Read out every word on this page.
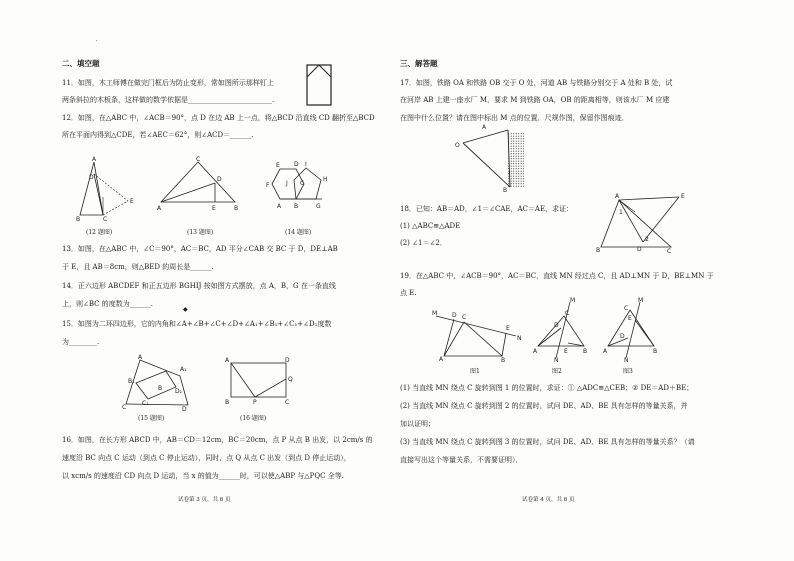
′
二、填空题
11．如图，木工师傅在做完门框后为防止变形，常如图所示那样钉上
两条斜拉的木板条，这样做的数学依据是________________________.
12．如图，在△ABC 中，∠ACB＝90°，点 D 在边 AB 上一点，将△BCD 沿直线 CD 翻折至△BCD
所在平面内得到△CDE，若∠AEC＝62°，则∠ACD＝______.
A
D
B	C
E
(12 题图)
C
A	B
D
E
(13 题图)
F
E D
A B	G
I
J C
H
(14 题图)
13．如图，在△ABC 中，∠C＝90°，AC＝BC，AD 平分∠CAB 交 BC 于 D，DE⊥AB
于 E，且 AB＝8cm，则△BED 的周长是______.
14．正六边形 ABCDEF 和正五边形 BGHIJ 按如图方式摆放，点 A，B，G 在一条直线
上，则∠BC 的度数为______.
15．如图为二环四边形，它的内角和∠A+∠B+∠C+∠D+∠A₁+∠B₁+∠C₁+∠D₁度数
为________.
◆
A
A₁
B₁
C	D
C₁
D₁
B
(15 题图)
A	D
B	P	C
Q
(16 题图)
16．如图，在长方形 ABCD 中，AB＝CD＝12cm，BC＝20cm，点 P 从点 B 出发，以 2cm/s 的
速度沿 BC 向点 C 运动（到点 C 停止运动），同时，点 Q 从点 C 出发（到点 D 停止运动），
以 xcm/s 的速度沿 CD 向点 D 运动，当 x 的值为______时，可以使△ABP 与△PQC 全等.
试卷第 3 页，共 6 页
三、解答题
17．如图，铁路 OA 和铁路 OB 交于 O 处，河道 AB 与铁路分别交于 A 处和 B 处，试
在河岸 AB 上建一座水厂 M，要求 M 到铁路 OA，OB 的距离相等，则该水厂 M 应建
在图中什么位置？请在图中标出 M 点的位置．尺规作图，保留作图痕迹．
O
A
B
18．已知：AB＝AD，∠1＝∠CAE，AC＝AE，求证：
(1) △ABC≌△ADE
(2) ∠1＝∠2．
A	E
B	C
D
1
2
19．在△ABC 中，∠ACB＝90°，AC＝BC，直线 MN 经过点 C，且 AD⊥MN 于 D，BE⊥MN 于
点 E.
M D C
E
N
A	B
图1
M
C
D
E
N
A	B
图2
M
C
E
D
N
A	B
图3
(1) 当直线 MN 绕点 C 旋转到图 1 的位置时，求证：① △ADC≌△CEB；② DE＝AD＋BE；
(2) 当直线 MN 绕点 C 旋转到图 2 的位置时，试问 DE、AD、BE 具有怎样的等量关系，并
加以证明；
(3) 当直线 MN 绕点 C 旋转到图 3 的位置时，试问 DE、AD、BE 具有怎样的等量关系？（请
直接写出这个等量关系，不需要证明）．
试卷第 4 页，共 6 页
